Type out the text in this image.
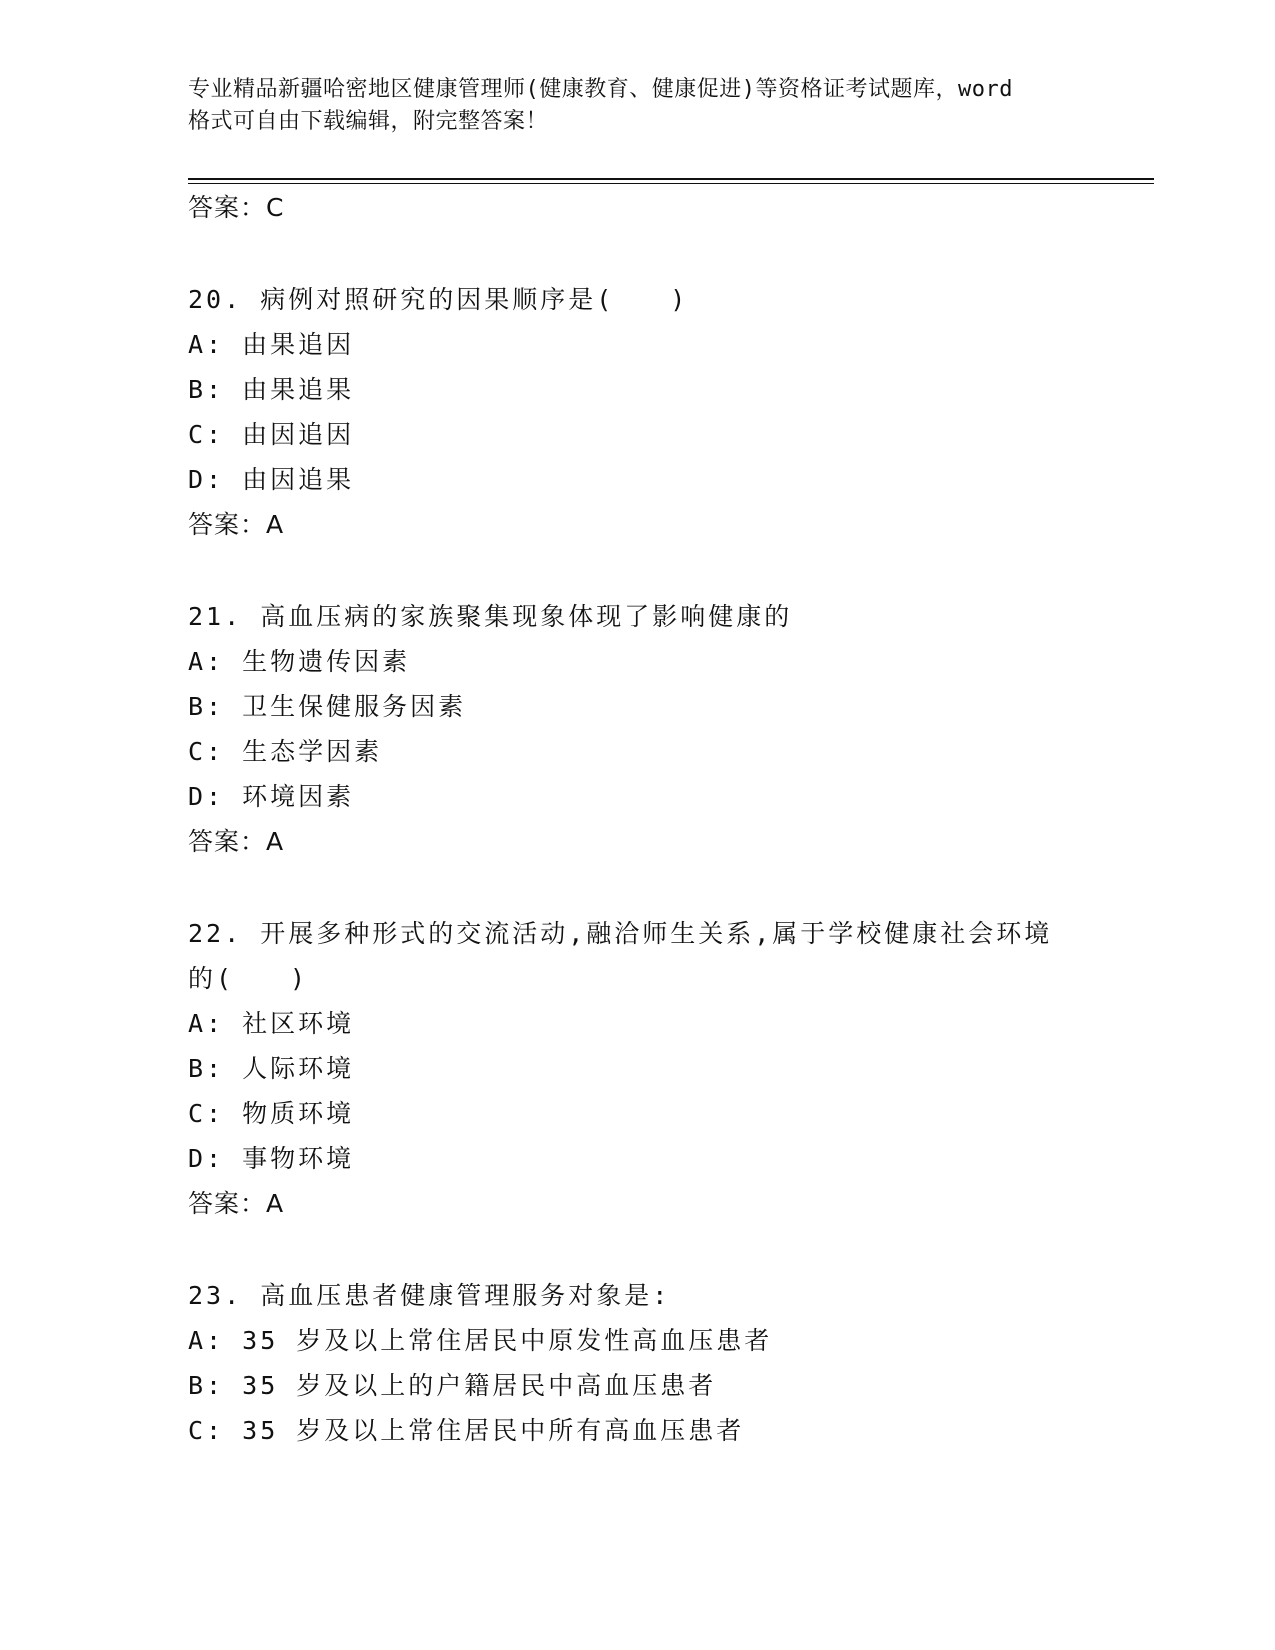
专业精品新疆哈密地区健康管理师(健康教育、健康促进)等资格证考试题库，word
格式可自由下载编辑，附完整答案！
答案：C
20. 病例对照研究的因果顺序是(　　)
A: 由果追因
B: 由果追果
C: 由因追因
D: 由因追果
答案：A
21. 高血压病的家族聚集现象体现了影响健康的
A: 生物遗传因素
B: 卫生保健服务因素
C: 生态学因素
D: 环境因素
答案：A
22. 开展多种形式的交流活动,融洽师生关系,属于学校健康社会环境
的(　　)
A: 社区环境
B: 人际环境
C: 物质环境
D: 事物环境
答案：A
23. 高血压患者健康管理服务对象是:
A: 35 岁及以上常住居民中原发性高血压患者
B: 35 岁及以上的户籍居民中高血压患者
C: 35 岁及以上常住居民中所有高血压患者
